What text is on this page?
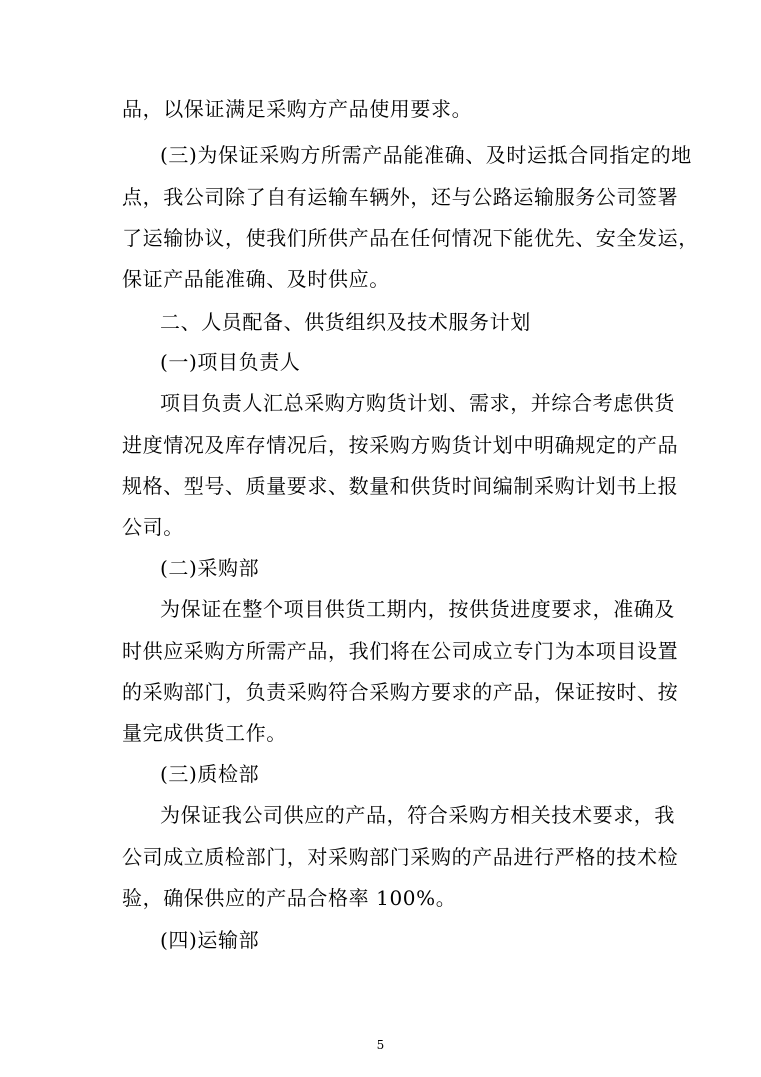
品，以保证满足采购方产品使用要求。
(三)为保证采购方所需产品能准确、及时运抵合同指定的地
点，我公司除了自有运输车辆外，还与公路运输服务公司签署
了运输协议，使我们所供产品在任何情况下能优先、安全发运，
保证产品能准确、及时供应。
二、人员配备、供货组织及技术服务计划
(一)项目负责人
项目负责人汇总采购方购货计划、需求，并综合考虑供货
进度情况及库存情况后，按采购方购货计划中明确规定的产品
规格、型号、质量要求、数量和供货时间编制采购计划书上报
公司。
(二)采购部
为保证在整个项目供货工期内，按供货进度要求，准确及
时供应采购方所需产品，我们将在公司成立专门为本项目设置
的采购部门，负责采购符合采购方要求的产品，保证按时、按
量完成供货工作。
(三)质检部
为保证我公司供应的产品，符合采购方相关技术要求，我
公司成立质检部门，对采购部门采购的产品进行严格的技术检
验，确保供应的产品合格率 100%。
(四)运输部
5
